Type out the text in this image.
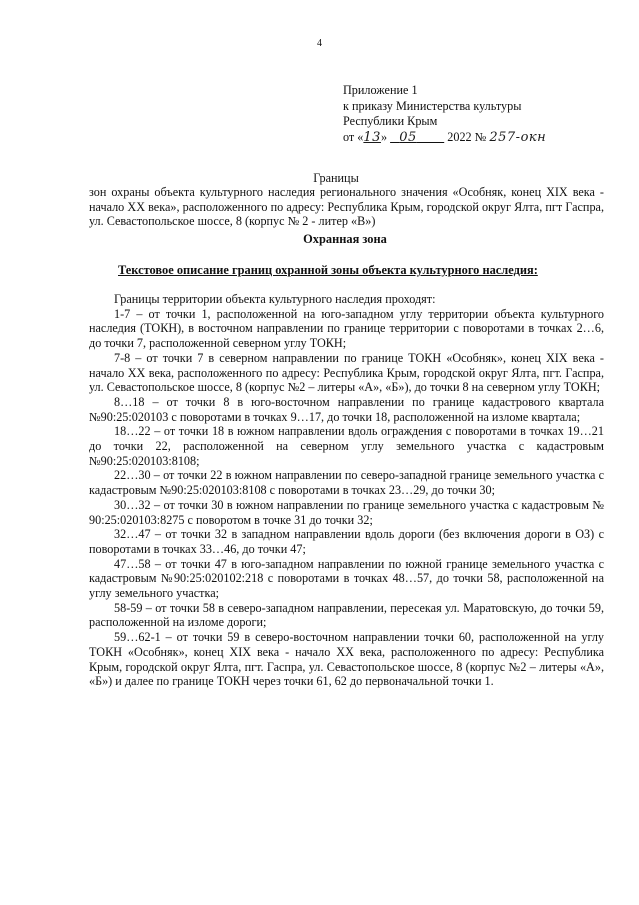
4
Приложение 1
к приказу Министерства культуры
Республики Крым
от «13»    05          2022 № 257-окн
Границы
зон охраны объекта культурного наследия регионального значения «Особняк, конец XIX века - начало XX века», расположенного по адресу: Республика Крым, городской округ Ялта, пгт Гаспра, ул. Севастопольское шоссе, 8 (корпус № 2 - литер «В»)
Охранная зона
Текстовое описание границ охранной зоны объекта культурного наследия:

Границы территории объекта культурного наследия проходят:

1-7 – от точки 1, расположенной на юго-западном углу территории объекта культурного наследия (ТОКН), в восточном направлении по границе территории с поворотами в точках 2…6, до точки 7, расположенной северном углу ТОКН;

7-8 – от точки 7 в северном направлении по границе ТОКН «Особняк», конец XIX века - начало XX века, расположенного по адресу: Республика Крым, городской округ Ялта, пгт. Гаспра, ул. Севастопольское шоссе, 8 (корпус №2 – литеры «А», «Б»), до точки 8 на северном углу ТОКН;

8…18 – от точки 8 в юго-восточном направлении по границе кадастрового квартала №90:25:020103 с поворотами в точках 9…17, до точки 18, расположенной на изломе квартала;

18…22 – от точки 18 в южном направлении вдоль ограждения с поворотами в точках 19…21 до точки 22, расположенной на северном углу земельного участка с кадастровым №90:25:020103:8108;

22…30 – от точки 22 в южном направлении по северо-западной границе земельного участка с кадастровым №90:25:020103:8108 с поворотами в точках 23…29, до точки 30;

30…32 – от точки 30 в южном направлении по границе земельного участка с кадастровым № 90:25:020103:8275 с поворотом в точке 31 до точки 32;

32…47 – от точки 32 в западном направлении вдоль дороги (без включения дороги в ОЗ) с поворотами в точках 33…46, до точки 47;

47…58 – от точки 47 в юго-западном направлении по южной границе земельного участка с кадастровым №90:25:020102:218 с поворотами в точках 48…57, до точки 58, расположенной на углу земельного участка;

58-59 – от точки 58 в северо-западном направлении, пересекая ул. Маратовскую, до точки 59, расположенной на изломе дороги;

59…62-1 – от точки 59 в северо-восточном направлении точки 60, расположенной на углу ТОКН «Особняк», конец XIX века - начало XX века, расположенного по адресу: Республика Крым, городской округ Ялта, пгт. Гаспра, ул. Севастопольское шоссе, 8 (корпус №2 – литеры «А», «Б») и далее по границе ТОКН через точки 61, 62 до первоначальной точки 1.
